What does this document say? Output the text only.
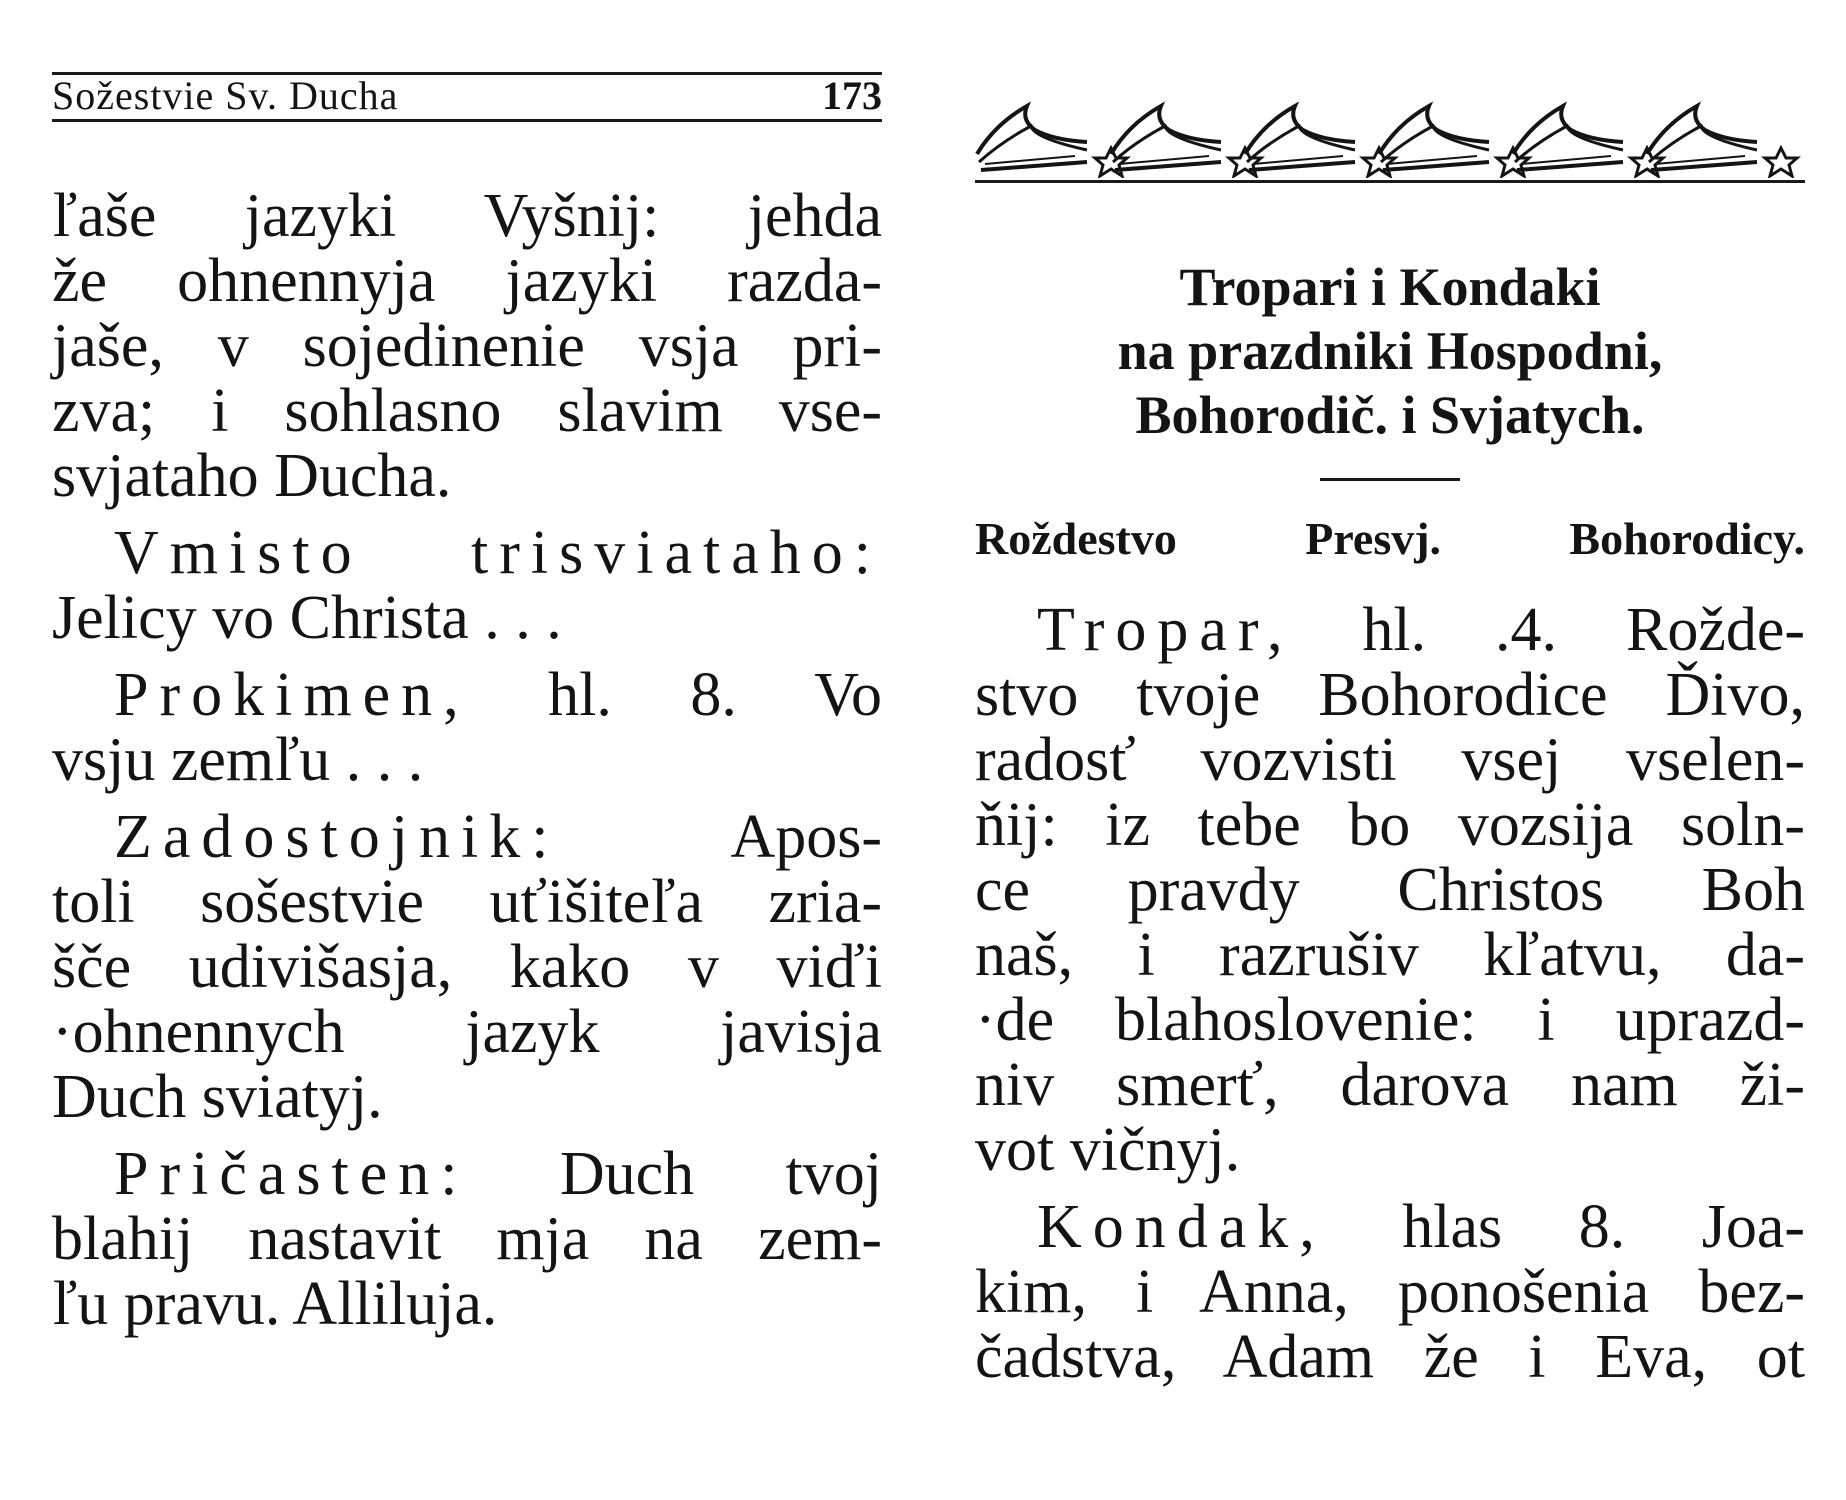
Sožestvie Sv. Ducha	173

ľaše jazyki Vyšnij: jehda
že ohnennyja jazyki razda-
jaše, v sojedinenie vsja pri-
zva; i sohlasno slavim vse-
svjataho Ducha.

Vmisto trisviataho:
Jelicy vo Christa . . .

Prokimen, hl. 8. Vo
vsju zemľu . . .

Zadostojnik: Apos-
toli sošestvie uťišiteľa zria-
šče udivišasja, kako v viďi
·ohnennych jazyk javisja
Duch sviatyj.

Pričasten: Duch tvoj
blahij nastavit mja na zem-
ľu pravu. Alliluja.

Tropari i Kondaki
na prazdniki Hospodni,
Bohorodič. i Svjatych.
Roždestvo Presvj. Bohorodicy.

Tropar, hl. .4. Rožde-
stvo tvoje Bohorodice Ďivo,
radosť vozvisti vsej vselen-
ňij: iz tebe bo vozsija soln-
ce pravdy Christos Boh
naš, i razrušiv kľatvu, da-
·de blahoslovenie: i uprazd-
niv smerť, darova nam ži-
vot vičnyj.

Kondak, hlas 8. Joa-
kim, i Anna, ponošenia bez-
čadstva, Adam že i Eva, ot
